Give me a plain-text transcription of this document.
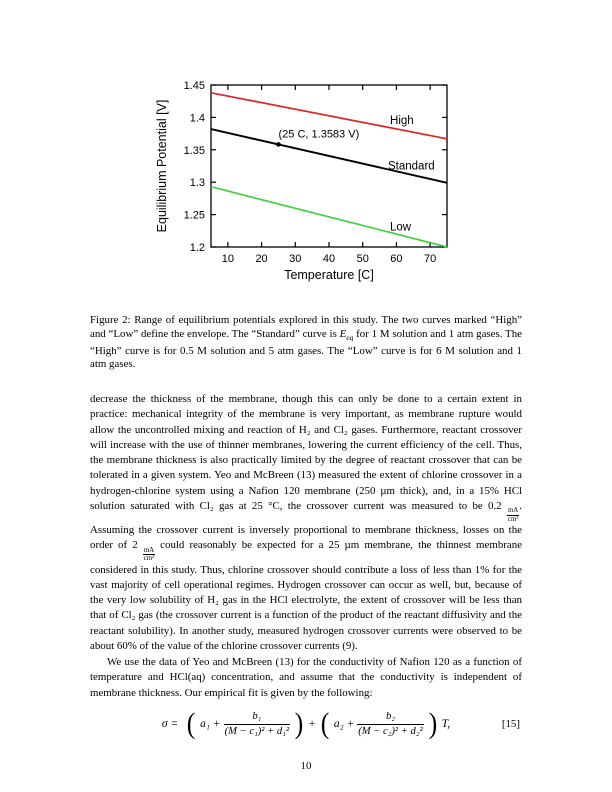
10 20 30 40 50 60 70
1.2
1.25
1.3
1.35
1.4
1.45
Temperature [C]
Equilibrium Potential [V]	High
Standard
Low
(25 C, 1.3583 V)

Figure 2: Range of equilibrium potentials explored in this study. The two curves marked “High” and “Low” define the envelope. The “Standard” curve is $E_{eq}$ for 1 M solution and 1 atm gases. The “High” curve is for 0.5 M solution and 5 atm gases. The “Low” curve is for 6 M solution and 1 atm gases.

decrease the thickness of the membrane, though this can only be done to a certain extent in practice: mechanical integrity of the membrane is very important, as membrane rupture would allow the uncontrolled mixing and reaction of H₂ and Cl₂ gases. Furthermore, reactant crossover will increase with the use of thinner membranes, lowering the current efficiency of the cell. Thus, the membrane thickness is also practically limited by the degree of reactant crossover that can be tolerated in a given system. Yeo and McBreen (13) measured the extent of chlorine crossover in a hydrogen-chlorine system using a Nafion 120 membrane (250 µm thick), and, in a 15% HCl solution saturated with Cl₂ gas at 25 °C, the crossover current was measured to be 0.2
$\frac{mA}{\text{cm²}}$
. Assuming the crossover current is inversely proportional to membrane thickness, losses on the order of 2
$\frac{mA}{\text{cm²}}$
could reasonably be expected for a 25 µm membrane, the thinnest membrane considered in this study. Thus, chlorine crossover should contribute a loss of less than 1% for the vast majority of cell operational regimes. Hydrogen crossover can occur as well, but, because of the very low solubility of H₂ gas in the HCl electrolyte, the extent of crossover will be less than that of Cl₂ gas (the crossover current is a function of the product of the reactant diffusivity and the reactant solubility). In another study, measured hydrogen crossover currents were observed to be about 60% of the value of the chlorine crossover currents (9).

We use the data of Yeo and McBreen (13) for the conductivity of Nafion 120 as a function of temperature and HCl(aq) concentration, and assume that the conductivity is independent of membrane thickness. Our empirical fit is given by the following:

σ = ( $a_1 + \frac{\text{b₁}}{\text{(M − c₁)² + d₁²}}$ ) + ( $a_2 + \frac{\text{b₂}}{\text{(M − c₂)² + d₂²}}$ ) T,	[15]

10
